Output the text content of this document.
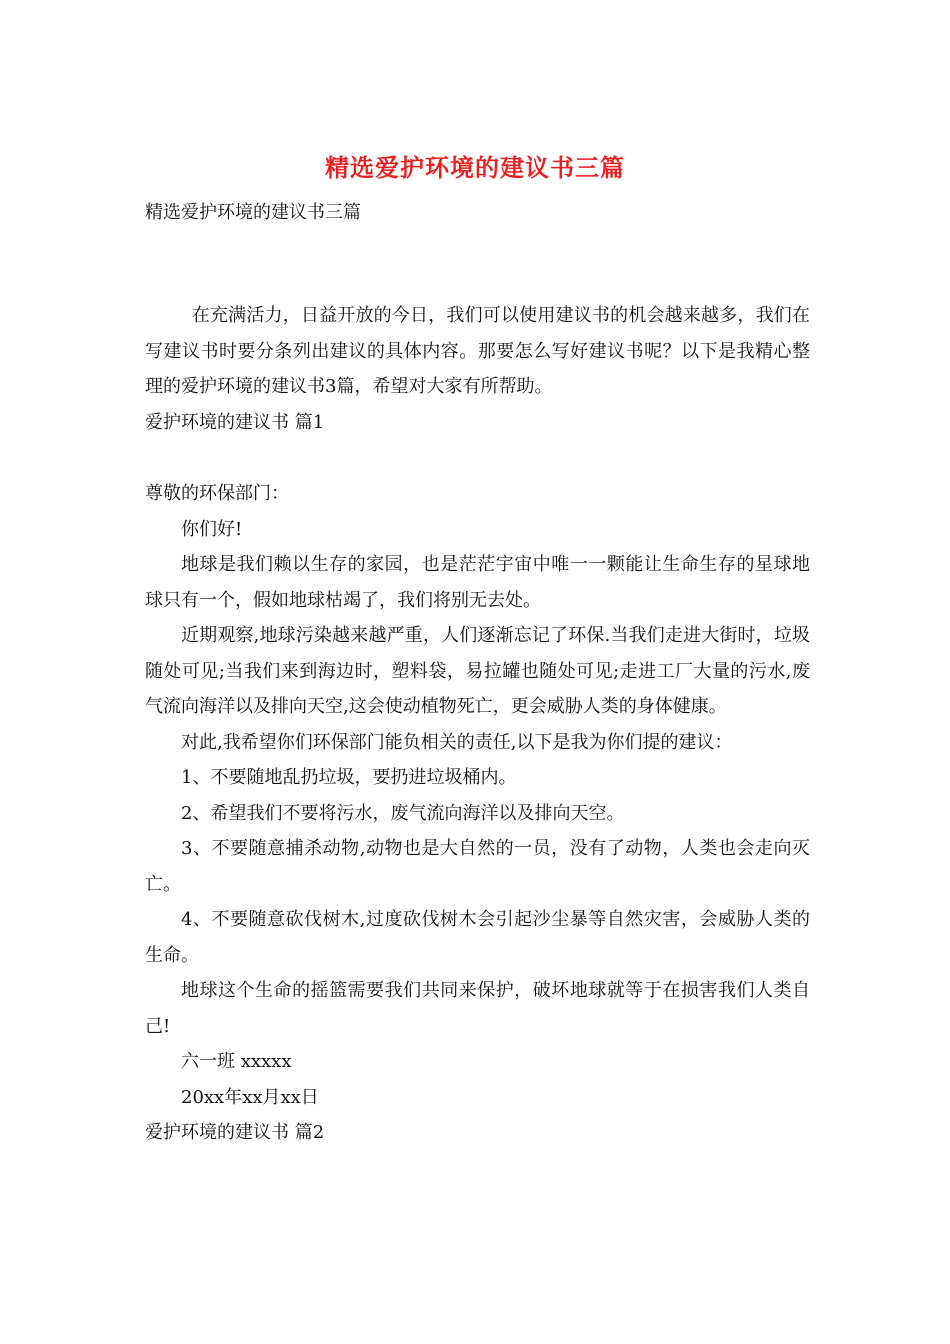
精选爱护环境的建议书三篇

精选爱护环境的建议书三篇

在充满活力，日益开放的今日，我们可以使用建议书的机会越来越多，我们在写建议书时要分条列出建议的具体内容。那要怎么写好建议书呢？以下是我精心整理的爱护环境的建议书3篇，希望对大家有所帮助。

爱护环境的建议书 篇1

尊敬的环保部门：

你们好!

地球是我们赖以生存的家园，也是茫茫宇宙中唯一一颗能让生命生存的星球地球只有一个，假如地球枯竭了，我们将别无去处。

近期观察,地球污染越来越严重，人们逐渐忘记了环保.当我们走进大街时，垃圾随处可见;当我们来到海边时，塑料袋，易拉罐也随处可见;走进工厂大量的污水,废气流向海洋以及排向天空,这会使动植物死亡，更会威胁人类的身体健康。

对此,我希望你们环保部门能负相关的责任,以下是我为你们提的建议：

1、不要随地乱扔垃圾，要扔进垃圾桶内。

2、希望我们不要将污水，废气流向海洋以及排向天空。

3、不要随意捕杀动物,动物也是大自然的一员，没有了动物，人类也会走向灭亡。

4、不要随意砍伐树木,过度砍伐树木会引起沙尘暴等自然灾害，会威胁人类的生命。

地球这个生命的摇篮需要我们共同来保护，破坏地球就等于在损害我们人类自己!

六一班 xxxxx

20xx年xx月xx日

爱护环境的建议书 篇2
